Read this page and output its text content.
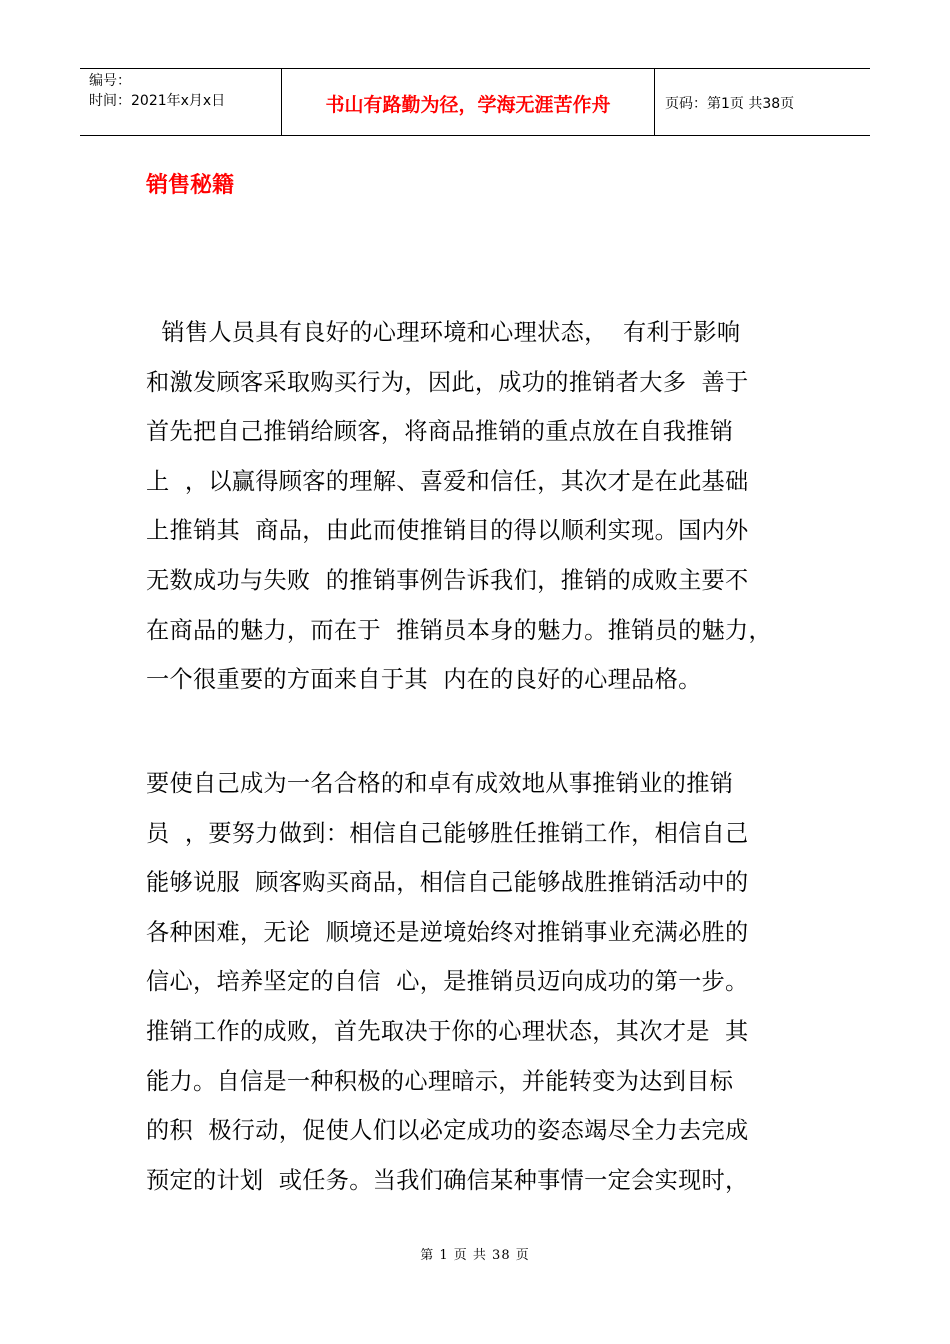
编号：
时间：2021年x月x日	书山有路勤为径，学海无涯苦作舟	页码：第1页 共38页
销售秘籍
销售人员具有良好的心理环境和心理状态，  有利于影响
和激发顾客采取购买行为，因此，成功的推销者大多  善于
首先把自己推销给顾客，将商品推销的重点放在自我推销
上  ，以赢得顾客的理解、喜爱和信任，其次才是在此基础
上推销其  商品，由此而使推销目的得以顺利实现。国内外
无数成功与失败  的推销事例告诉我们，推销的成败主要不
在商品的魅力，而在于  推销员本身的魅力。推销员的魅力，
一个很重要的方面来自于其  内在的良好的心理品格。
要使自己成为一名合格的和卓有成效地从事推销业的推销
员  ，要努力做到：相信自己能够胜任推销工作，相信自己
能够说服  顾客购买商品，相信自己能够战胜推销活动中的
各种困难，无论  顺境还是逆境始终对推销事业充满必胜的
信心，培养坚定的自信  心，是推销员迈向成功的第一步。
推销工作的成败，首先取决于你的心理状态，其次才是  其
能力。自信是一种积极的心理暗示，并能转变为达到目标
的积  极行动，促使人们以必定成功的姿态竭尽全力去完成
预定的计划  或任务。当我们确信某种事情一定会实现时，
第 1 页 共 38 页
